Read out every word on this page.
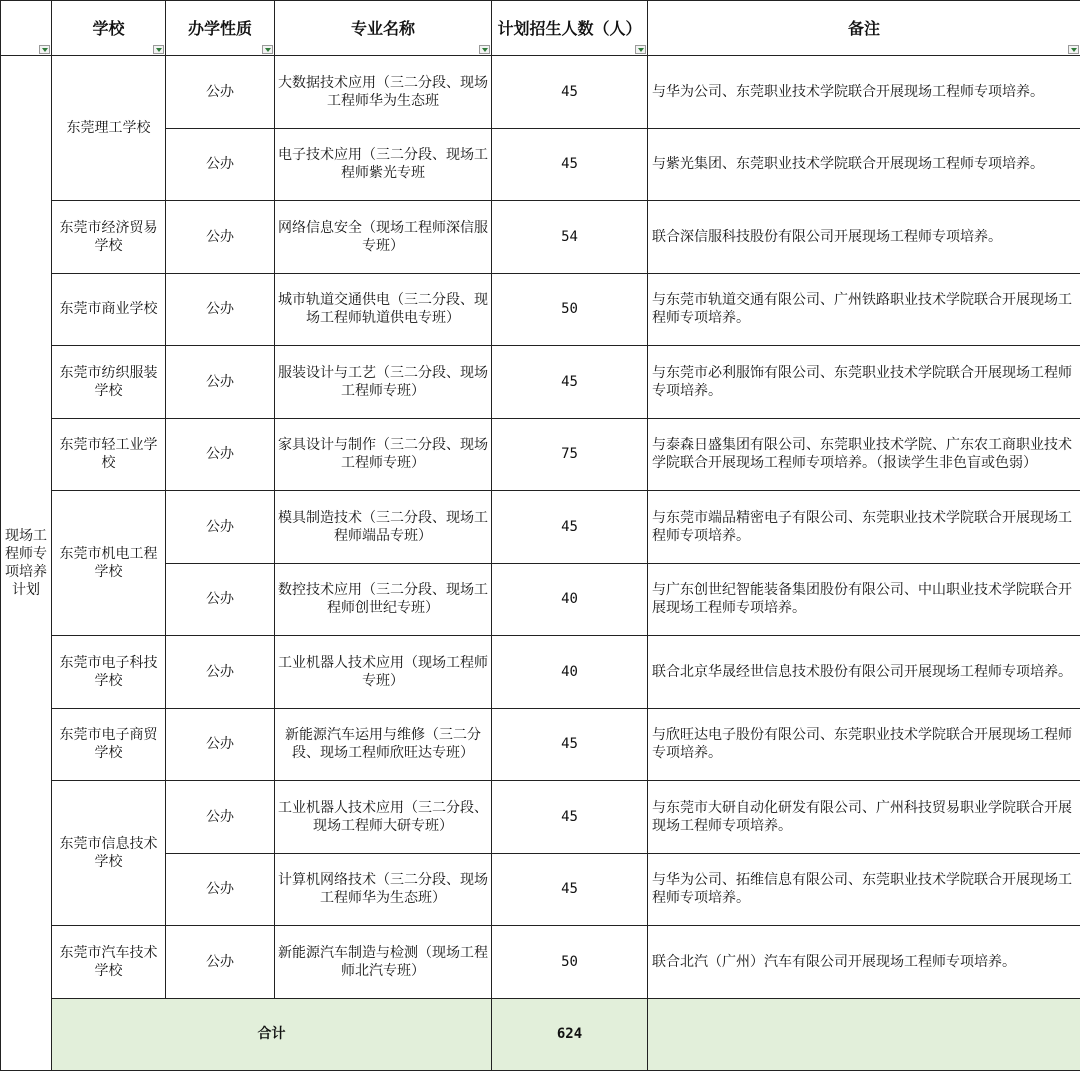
	学校	办学性质	专业名称	计划招生人数（人）	备注

现场工程师专项培养计划	东莞理工学校	公办	大数据技术应用（三二分段、现场工程师华为生态班	45	与华为公司、东莞职业技术学院联合开展现场工程师专项培养。
		公办	电子技术应用（三二分段、现场工程师紫光专班	45	与紫光集团、东莞职业技术学院联合开展现场工程师专项培养。
	东莞市经济贸易学校	公办	网络信息安全（现场工程师深信服专班）	54	联合深信服科技股份有限公司开展现场工程师专项培养。
	东莞市商业学校	公办	城市轨道交通供电（三二分段、现场工程师轨道供电专班）	50	与东莞市轨道交通有限公司、广州铁路职业技术学院联合开展现场工程师专项培养。
	东莞市纺织服装学校	公办	服装设计与工艺（三二分段、现场工程师专班）	45	与东莞市必利服饰有限公司、东莞职业技术学院联合开展现场工程师专项培养。
	东莞市轻工业学校	公办	家具设计与制作（三二分段、现场工程师专班）	75	与泰森日盛集团有限公司、东莞职业技术学院、广东农工商职业技术学院联合开展现场工程师专项培养。（报读学生非色盲或色弱）
	东莞市机电工程学校	公办	模具制造技术（三二分段、现场工程师端品专班）	45	与东莞市端品精密电子有限公司、东莞职业技术学院联合开展现场工程师专项培养。
		公办	数控技术应用（三二分段、现场工程师创世纪专班）	40	与广东创世纪智能装备集团股份有限公司、中山职业技术学院联合开展现场工程师专项培养。
	东莞市电子科技学校	公办	工业机器人技术应用（现场工程师专班）	40	联合北京华晟经世信息技术股份有限公司开展现场工程师专项培养。
	东莞市电子商贸学校	公办	新能源汽车运用与维修（三二分段、现场工程师欣旺达专班）	45	与欣旺达电子股份有限公司、东莞职业技术学院联合开展现场工程师专项培养。
	东莞市信息技术学校	公办	工业机器人技术应用（三二分段、现场工程师大研专班）	45	与东莞市大研自动化研发有限公司、广州科技贸易职业学院联合开展现场工程师专项培养。
		公办	计算机网络技术（三二分段、现场工程师华为生态班）	45	与华为公司、拓维信息有限公司、东莞职业技术学院联合开展现场工程师专项培养。
	东莞市汽车技术学校	公办	新能源汽车制造与检测（现场工程师北汽专班）	50	联合北汽（广州）汽车有限公司开展现场工程师专项培养。
	合计			624	
